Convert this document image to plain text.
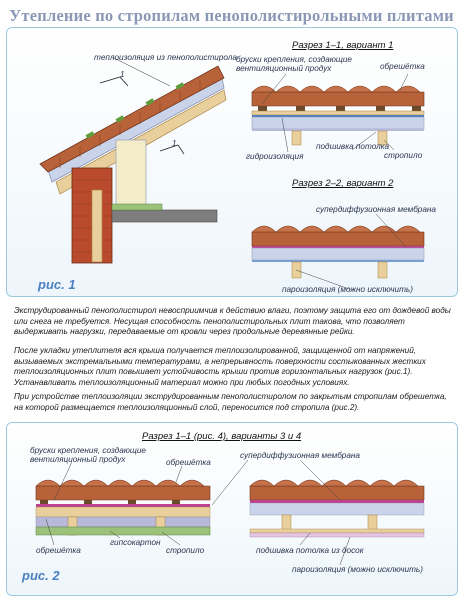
Утепление по стропилам пенополистирольными плитами
теплоизоляция из пенополистирола
1
1
Разрез 1–1, вариант 1
бруски крепления, создающие
вентиляционный продух	обрешётка
гидроизоляция
подшивка потолка
стропило
Разрез 2–2, вариант 2
супердиффузионная мембрана
пароизоляция (можно исключить)
рис. 1

Экструдированный пенополистирол невосприимчив к действию влаги, поэтому защита его от дождевой воды или снега не требуется. Несущая способность пенополистирольных плит такова, что позволяет выдерживать нагрузки, передаваемые от кровли через продольные деревянные рейки.

После укладки утеплителя вся крыша получается теплоизолированной, защищенной от напряжений, вызываемых экстремальными температурами, а непрерывность поверхности состыкованных жестких теплоизоляционных плит повышает устойчивость крыши против горизонтальных нагрузок (рис.1). Устанавливать теплоизоляционный материал можно при любых погодных условиях.

При устройстве теплоизоляции экструдированным пенополистиролом по закрытым стропилам обрешетка, на которой размещается теплоизоляционный слой, переносится под стропила (рис.2).

Разрез 1–1 (рис. 4), варианты 3 и 4
бруски крепления, создающие
вентиляционный продух	обрешётка
супердиффузионная мембрана
обрешётка
гипсокартон
стропило	подшивка потолка из досок
пароизоляция (можно исключить)
рис. 2
